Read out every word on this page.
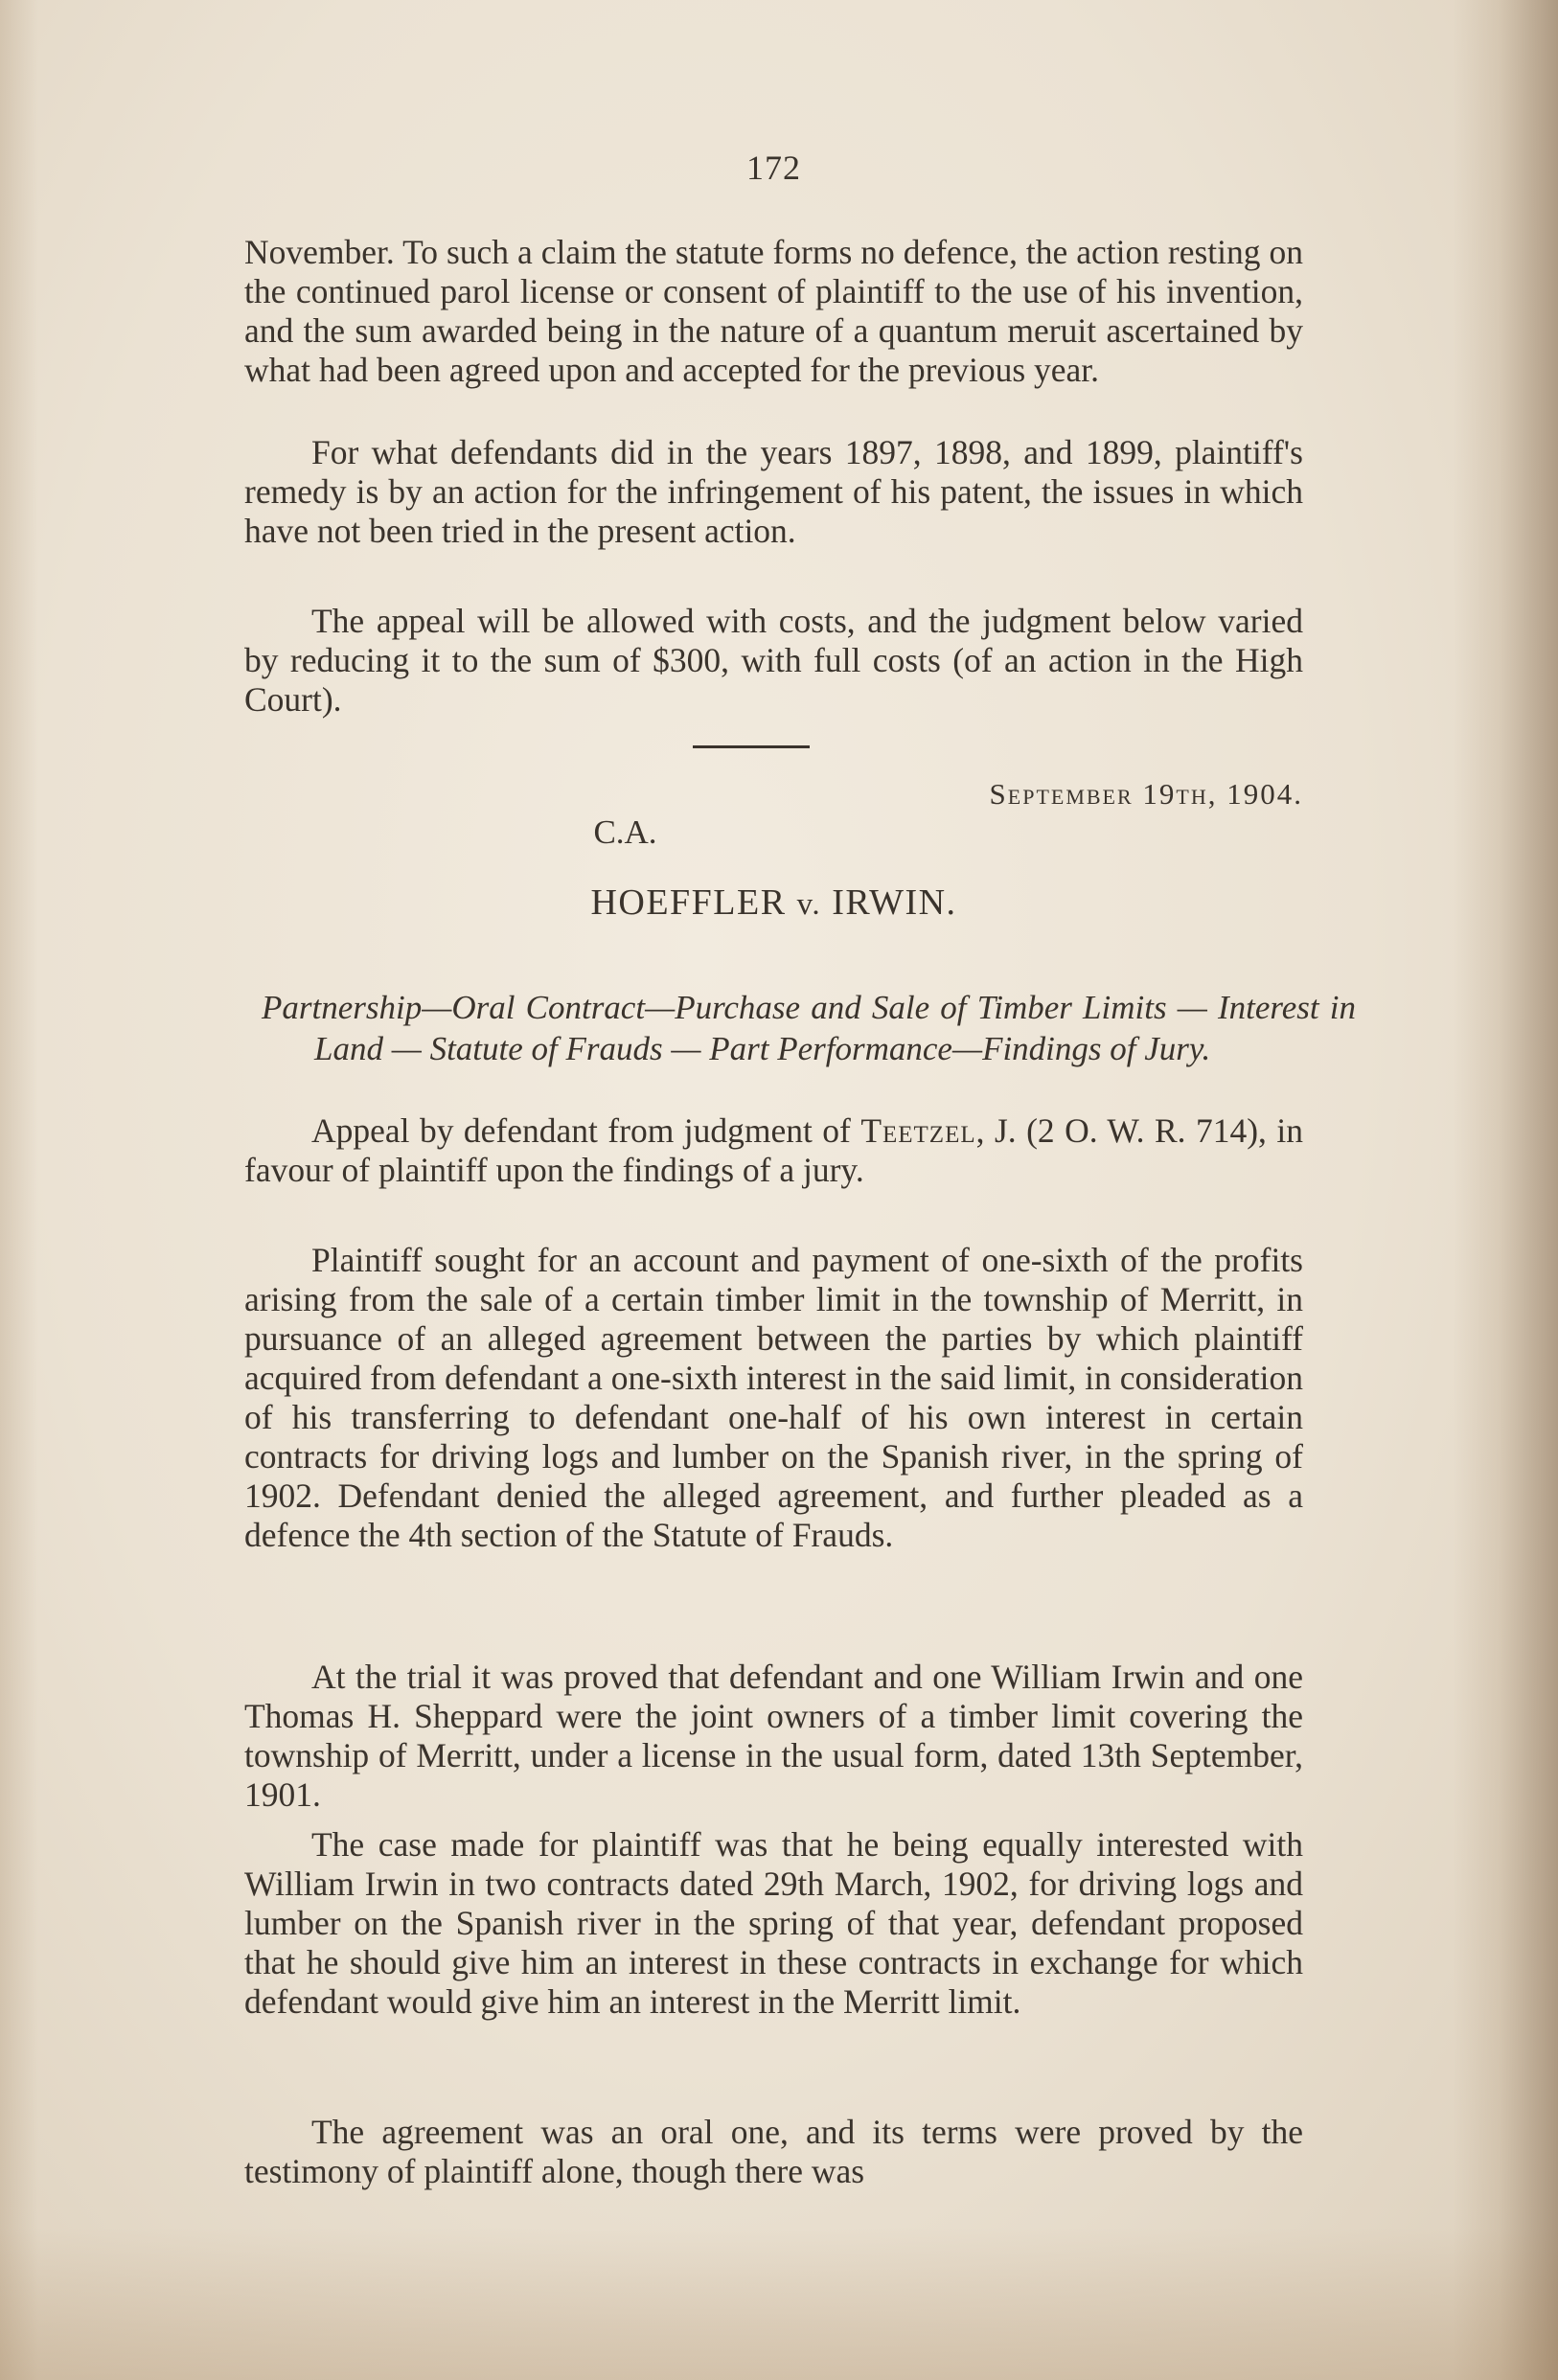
172

November. To such a claim the statute forms no defence, the action resting on the continued parol license or consent of plaintiff to the use of his invention, and the sum awarded being in the nature of a quantum meruit ascertained by what had been agreed upon and accepted for the previous year.

For what defendants did in the years 1897, 1898, and 1899, plaintiff's remedy is by an action for the infringement of his patent, the issues in which have not been tried in the present action.

The appeal will be allowed with costs, and the judgment below varied by reducing it to the sum of $300, with full costs (of an action in the High Court).

September 19th, 1904.
C.A.
HOEFFLER v. IRWIN.

Partnership—Oral Contract—Purchase and Sale of Timber Limits — Interest in Land — Statute of Frauds — Part Performance—Findings of Jury.

Appeal by defendant from judgment of Teetzel, J. (2 O. W. R. 714), in favour of plaintiff upon the findings of a jury.

Plaintiff sought for an account and payment of one-sixth of the profits arising from the sale of a certain timber limit in the township of Merritt, in pursuance of an alleged agreement between the parties by which plaintiff acquired from defendant a one-sixth interest in the said limit, in consideration of his transferring to defendant one-half of his own interest in certain contracts for driving logs and lumber on the Spanish river, in the spring of 1902. Defendant denied the alleged agreement, and further pleaded as a defence the 4th section of the Statute of Frauds.

At the trial it was proved that defendant and one William Irwin and one Thomas H. Sheppard were the joint owners of a timber limit covering the township of Merritt, under a license in the usual form, dated 13th September, 1901.

The case made for plaintiff was that he being equally interested with William Irwin in two contracts dated 29th March, 1902, for driving logs and lumber on the Spanish river in the spring of that year, defendant proposed that he should give him an interest in these contracts in exchange for which defendant would give him an interest in the Merritt limit.

The agreement was an oral one, and its terms were proved by the testimony of plaintiff alone, though there was
